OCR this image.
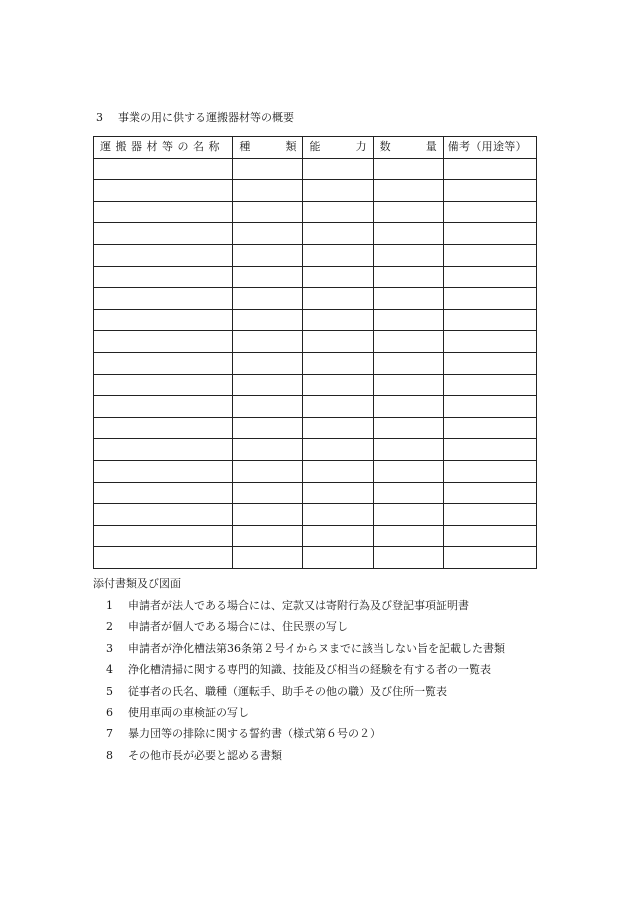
3 事業の用に供する運搬器材等の概要
運搬器材等の名称	種 類	能 力	数 量	備考（用途等）

添付書類及び図面
1	申請者が法人である場合には、定款又は寄附行為及び登記事項証明書
2	申請者が個人である場合には、住民票の写し
3	申請者が浄化槽法第36条第２号イからヌまでに該当しない旨を記載した書類
4	浄化槽清掃に関する専門的知識、技能及び相当の経験を有する者の一覧表
5	従事者の氏名、職種（運転手、助手その他の職）及び住所一覧表
6	使用車両の車検証の写し
7	暴力団等の排除に関する誓約書（様式第６号の２）
8	その他市長が必要と認める書類
